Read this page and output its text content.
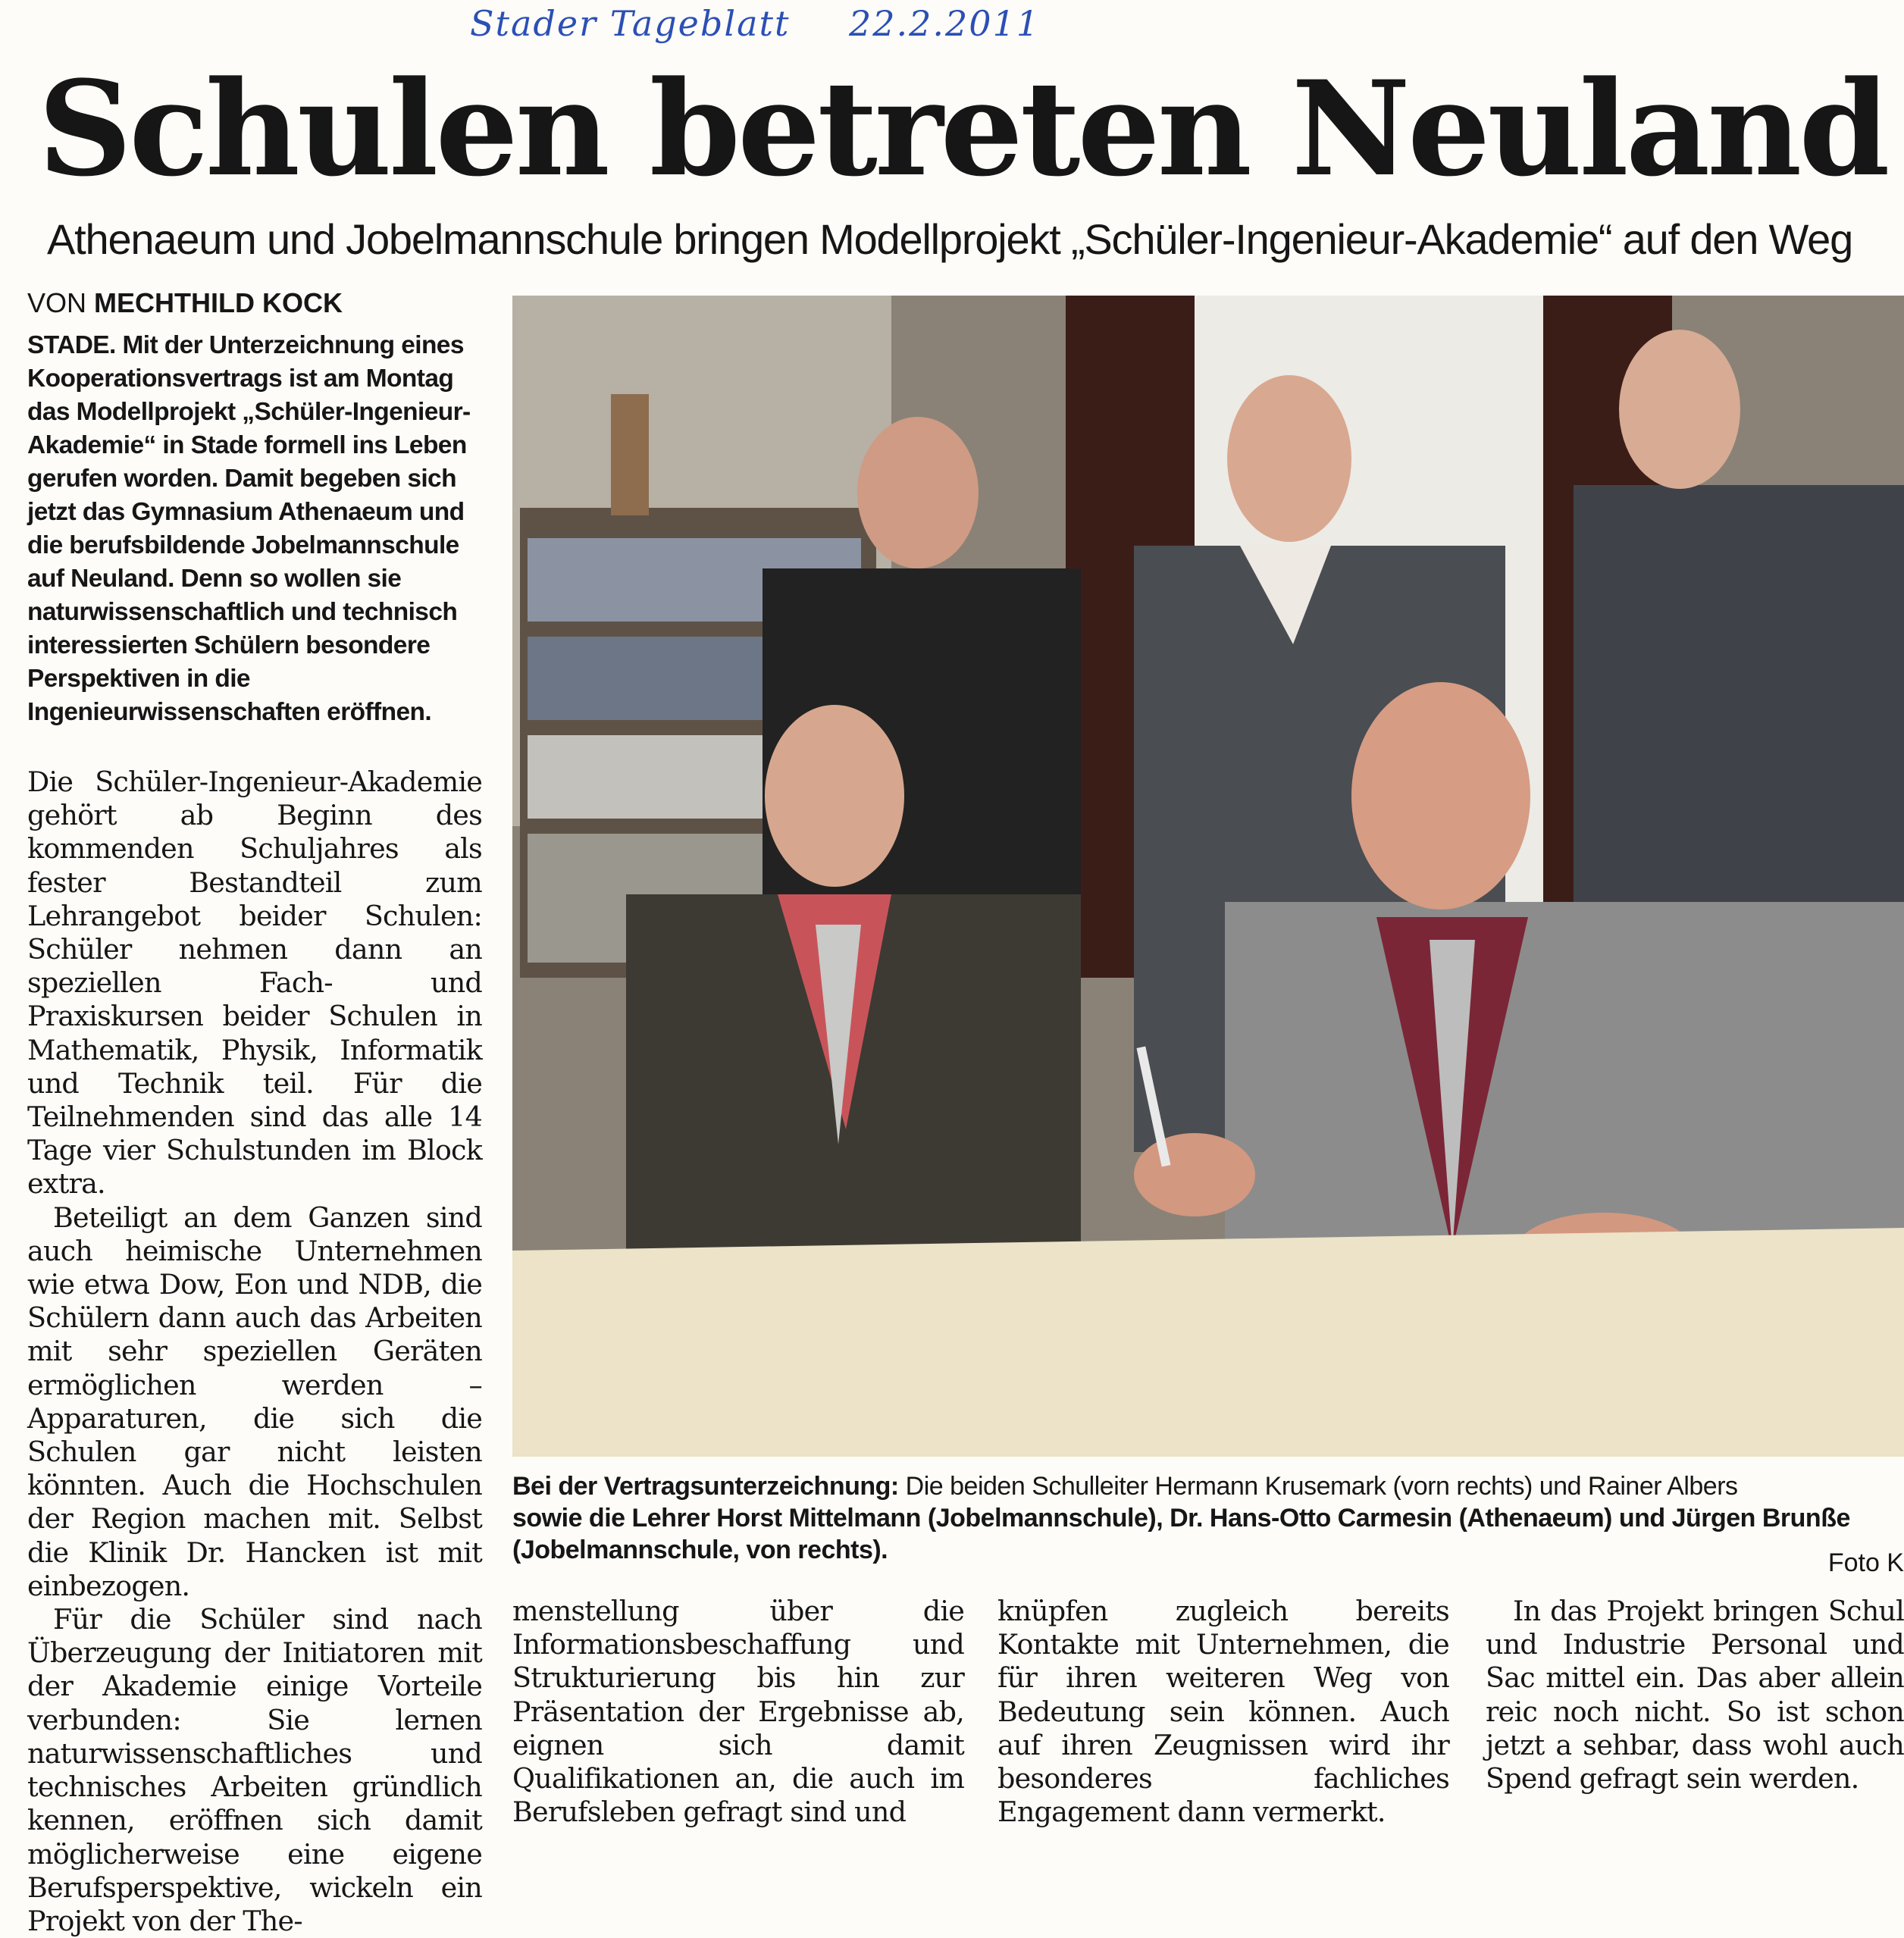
Stader Tageblatt 22.2.2011
Schulen betreten Neuland
Athenaeum und Jobelmannschule bringen Modellprojekt „Schüler-Ingenieur-Akademie“ auf den Weg
VON MECHTHILD KOCK
STADE. Mit der Unterzeichnung eines Kooperationsvertrags ist am Montag das Modellprojekt „Schüler-Ingenieur-Akademie“ in Stade formell ins Leben gerufen worden. Damit begeben sich jetzt das Gymnasium Athenaeum und die berufsbildende Jobelmannschule auf Neuland. Denn so wollen sie naturwissenschaftlich und technisch interessierten Schülern besondere Perspektiven in die Ingenieurwissenschaften eröffnen.

Die Schüler-Ingenieur-Akademie gehört ab Beginn des kommenden Schuljahres als fester Bestandteil zum Lehrangebot beider Schulen: Schüler nehmen dann an speziellen Fach- und Praxiskursen beider Schulen in Mathematik, Physik, Informatik und Technik teil. Für die Teilnehmenden sind das alle 14 Tage vier Schulstunden im Block extra.

Beteiligt an dem Ganzen sind auch heimische Unternehmen wie etwa Dow, Eon und NDB, die Schülern dann auch das Arbeiten mit sehr speziellen Geräten ermöglichen werden – Apparaturen, die sich die Schulen gar nicht leisten könnten. Auch die Hochschulen der Region machen mit. Selbst die Klinik Dr. Hancken ist mit einbezogen.

Für die Schüler sind nach Überzeugung der Initiatoren mit der Akademie einige Vorteile verbunden: Sie lernen naturwissenschaftliches und technisches Arbeiten gründlich kennen, eröffnen sich damit möglicherweise eine eigene Berufsperspektive, wickeln ein Projekt von der The-

Bei der Vertragsunterzeichnung: Die beiden Schulleiter Hermann Krusemark (vorn rechts) und Rainer Albers
sowie die Lehrer Horst Mittelmann (Jobelmannschule), Dr. Hans-Otto Carmesin (Athenaeum) und Jürgen Brunße
(Jobelmannschule, von rechts).	Foto K

menstellung über die Informationsbeschaffung und Strukturierung bis hin zur Präsentation der Ergebnisse ab, eignen sich damit Qualifikationen an, die auch im Berufsleben gefragt sind und

knüpfen zugleich bereits Kontakte mit Unternehmen, die für ihren weiteren Weg von Bedeutung sein können. Auch auf ihren Zeugnissen wird ihr besonderes fachliches Engagement dann vermerkt.

In das Projekt bringen Schul und Industrie Personal und Sac mittel ein. Das aber allein reic noch nicht. So ist schon jetzt a sehbar, dass wohl auch Spend gefragt sein werden.
